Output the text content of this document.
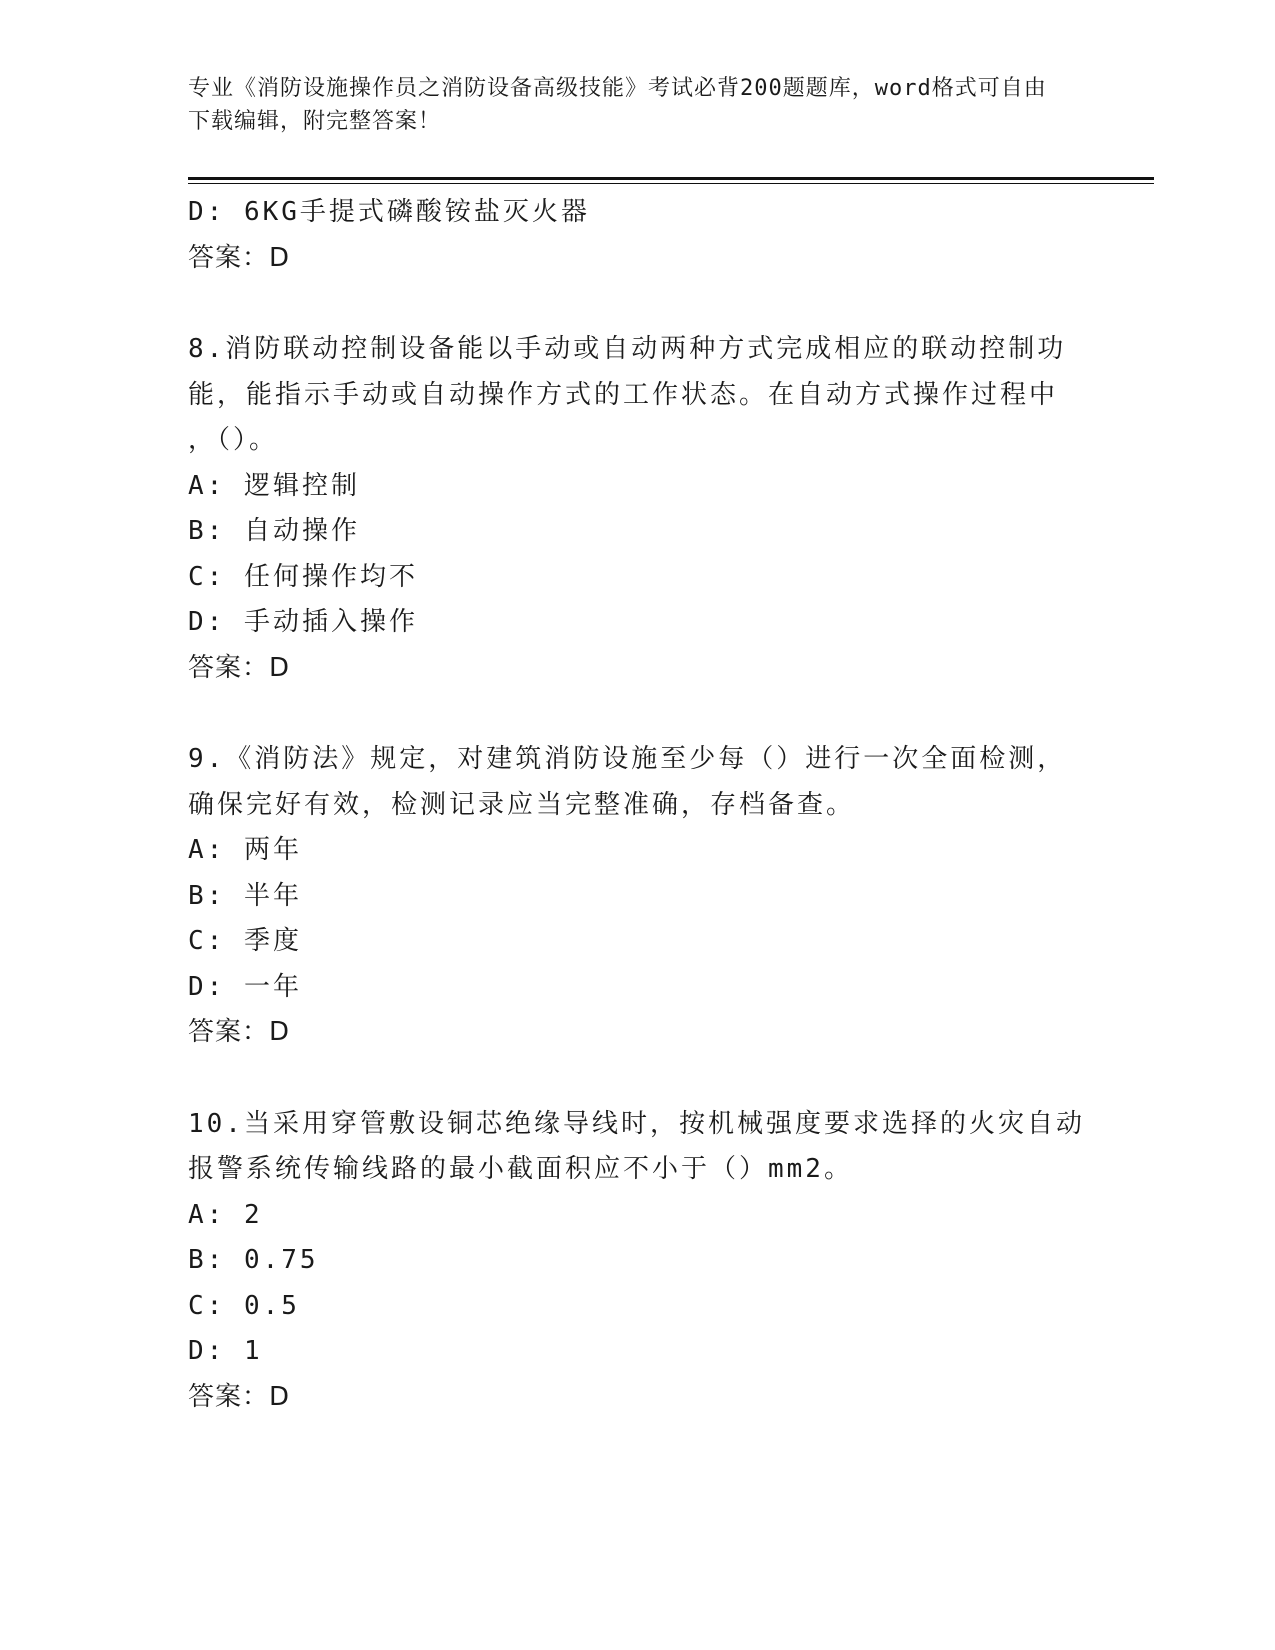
专业《消防设施操作员之消防设备高级技能》考试必背200题题库，word格式可自由下载编辑，附完整答案！
D: 6KG手提式磷酸铵盐灭火器
答案：D
8.消防联动控制设备能以手动或自动两种方式完成相应的联动控制功
能，能指示手动或自动操作方式的工作状态。在自动方式操作过程中
，（）。
A: 逻辑控制
B: 自动操作
C: 任何操作均不
D: 手动插入操作
答案：D
9.《消防法》规定，对建筑消防设施至少每（）进行一次全面检测，
确保完好有效，检测记录应当完整准确，存档备查。
A: 两年
B: 半年
C: 季度
D: 一年
答案：D
10.当采用穿管敷设铜芯绝缘导线时，按机械强度要求选择的火灾自动
报警系统传输线路的最小截面积应不小于（）mm2。
A: 2
B: 0.75
C: 0.5
D: 1
答案：D
